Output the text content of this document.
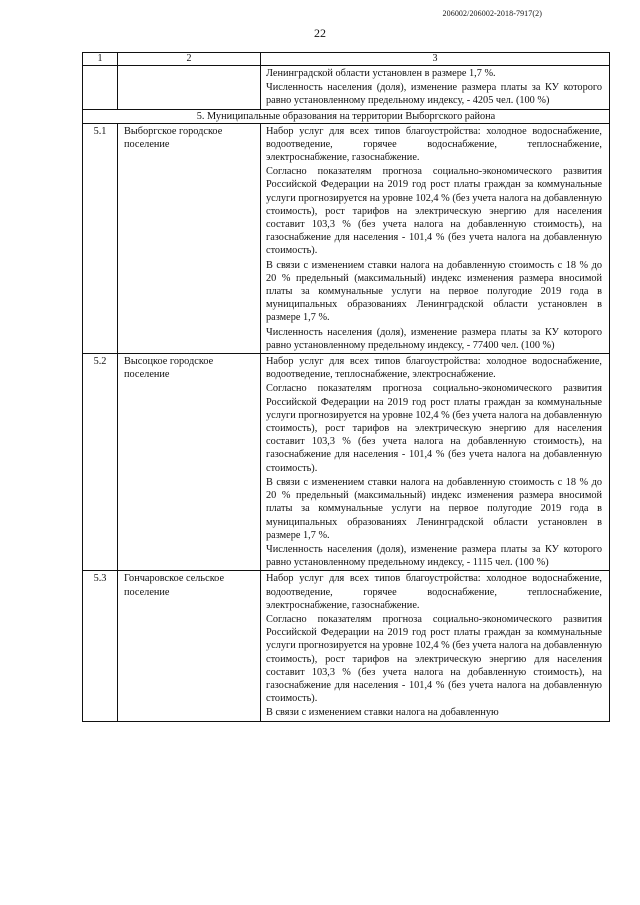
206002/206002-2018-7917(2)
22
1	2	3

		Ленинградской области установлен в размере 1,7 %.

Численность населения (доля), изменение размера платы за КУ которого равно установленному предельному индексу, - 4205 чел. (100 %)

5. Муниципальные образования на территории Выборгского района		
5.1	Выборгское городское поселение	Набор услуг для всех типов благоустройства: холодное водоснабжение, водоотведение, горячее водоснабжение, теплоснабжение, электроснабжение, газоснабжение.

Согласно показателям прогноза социально-экономического развития Российской Федерации на 2019 год рост платы граждан за коммунальные услуги прогнозируется на уровне 102,4 % (без учета налога на добавленную стоимость), рост тарифов на электрическую энергию для населения составит 103,3 % (без учета налога на добавленную стоимость), на газоснабжение для населения - 101,4 % (без учета налога на добавленную стоимость).

В связи с изменением ставки налога на добавленную стоимость с 18 % до 20 % предельный (максимальный) индекс изменения размера вносимой платы за коммунальные услуги на первое полугодие 2019 года в муниципальных образованиях Ленинградской области установлен в размере 1,7 %.

Численность населения (доля), изменение размера платы за КУ которого равно установленному предельному индексу, - 77400 чел. (100 %)

5.2	Высоцкое городское поселение	Набор услуг для всех типов благоустройства: холодное водоснабжение, водоотведение, теплоснабжение, электроснабжение.

Согласно показателям прогноза социально-экономического развития Российской Федерации на 2019 год рост платы граждан за коммунальные услуги прогнозируется на уровне 102,4 % (без учета налога на добавленную стоимость), рост тарифов на электрическую энергию для населения составит 103,3 % (без учета налога на добавленную стоимость), на газоснабжение для населения - 101,4 % (без учета налога на добавленную стоимость).

В связи с изменением ставки налога на добавленную стоимость с 18 % до 20 % предельный (максимальный) индекс изменения размера вносимой платы за коммунальные услуги на первое полугодие 2019 года в муниципальных образованиях Ленинградской области установлен в размере 1,7 %.

Численность населения (доля), изменение размера платы за КУ которого равно установленному предельному индексу, - 1115 чел. (100 %)

5.3	Гончаровское сельское поселение	Набор услуг для всех типов благоустройства: холодное водоснабжение, водоотведение, горячее водоснабжение, теплоснабжение, электроснабжение, газоснабжение.

Согласно показателям прогноза социально-экономического развития Российской Федерации на 2019 год рост платы граждан за коммунальные услуги прогнозируется на уровне 102,4 % (без учета налога на добавленную стоимость), рост тарифов на электрическую энергию для населения составит 103,3 % (без учета налога на добавленную стоимость), на газоснабжение для населения - 101,4 % (без учета налога на добавленную стоимость).

В связи с изменением ставки налога на добавленную
